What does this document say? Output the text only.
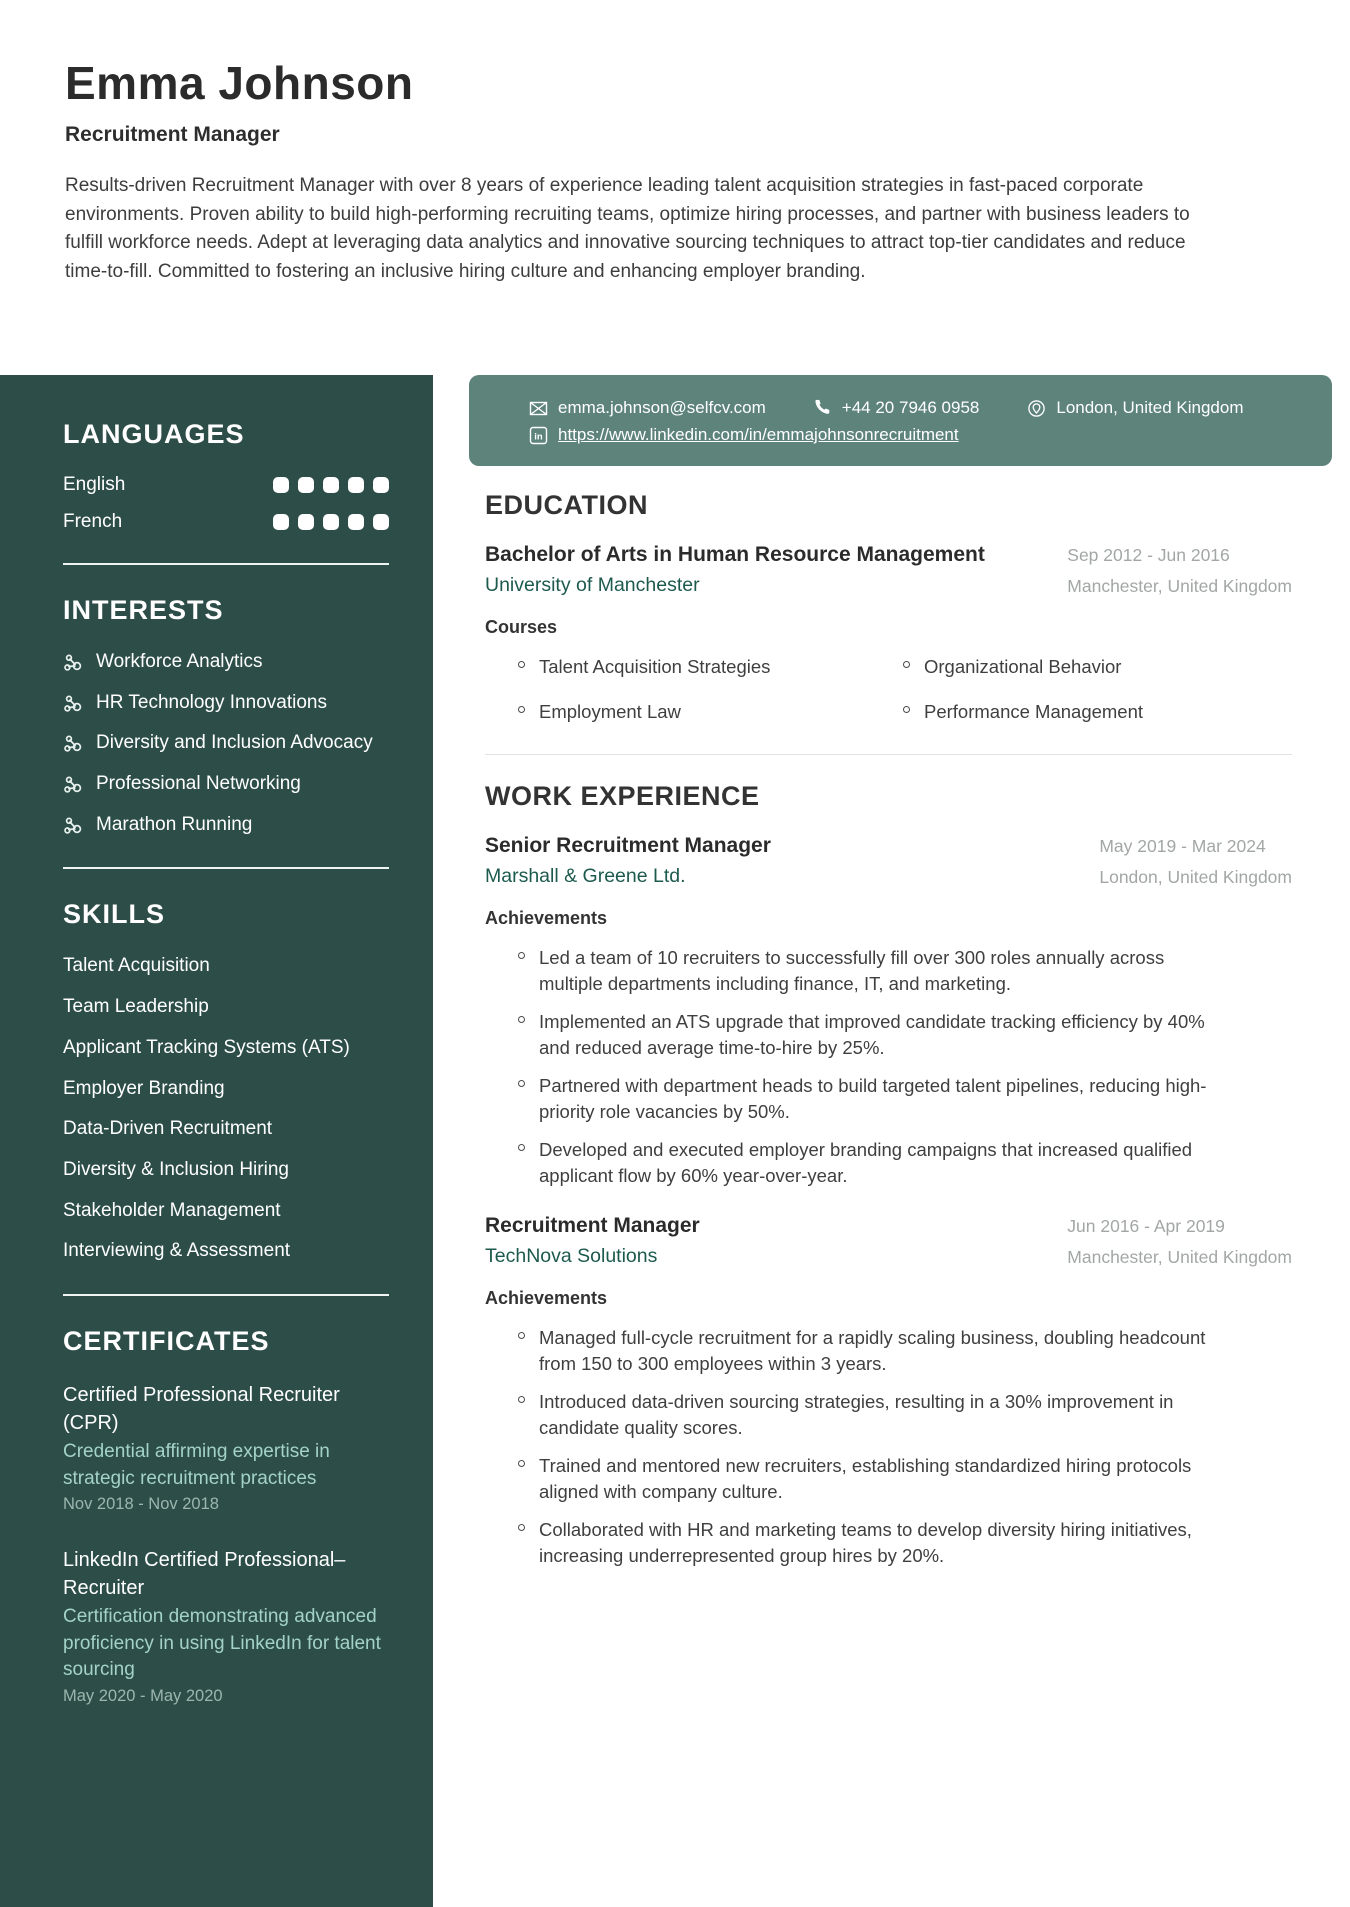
Emma Johnson
Recruitment Manager

Results-driven Recruitment Manager with over 8 years of experience leading talent acquisition strategies in fast-paced corporate environments. Proven ability to build high-performing recruiting teams, optimize hiring processes, and partner with business leaders to fulfill workforce needs. Adept at leveraging data analytics and innovative sourcing techniques to attract top-tier candidates and reduce time-to-fill. Committed to fostering an inclusive hiring culture and enhancing employer branding.

LANGUAGES
English
French
INTERESTS
Workforce Analytics
HR Technology Innovations
Diversity and Inclusion Advocacy
Professional Networking
Marathon Running
SKILLS
Talent Acquisition
Team Leadership
Applicant Tracking Systems (ATS)
Employer Branding
Data-Driven Recruitment
Diversity & Inclusion Hiring
Stakeholder Management
Interviewing & Assessment
CERTIFICATES
Certified Professional Recruiter (CPR)
Credential affirming expertise in strategic recruitment practices
Nov 2018 - Nov 2018
LinkedIn Certified Professional–Recruiter
Certification demonstrating advanced proficiency in using LinkedIn for talent sourcing
May 2020 - May 2020
emma.johnson@selfcv.com	+44 20 7946 0958	London, United Kingdom
in https://www.linkedin.com/in/emmajohnsonrecruitment
EDUCATION
Bachelor of Arts in Human Resource Management
University of Manchester
Sep 2012 - Jun 2016
Manchester, United Kingdom
Courses
Talent Acquisition Strategies	Organizational Behavior
Employment Law	Performance Management
WORK EXPERIENCE
Senior Recruitment Manager
Marshall & Greene Ltd.
May 2019 - Mar 2024
London, United Kingdom
Achievements
Led a team of 10 recruiters to successfully fill over 300 roles annually across multiple departments including finance, IT, and marketing.
Implemented an ATS upgrade that improved candidate tracking efficiency by 40% and reduced average time-to-hire by 25%.
Partnered with department heads to build targeted talent pipelines, reducing high-priority role vacancies by 50%.
Developed and executed employer branding campaigns that increased qualified applicant flow by 60% year-over-year.
Recruitment Manager
TechNova Solutions
Jun 2016 - Apr 2019
Manchester, United Kingdom
Achievements
Managed full-cycle recruitment for a rapidly scaling business, doubling headcount from 150 to 300 employees within 3 years.
Introduced data-driven sourcing strategies, resulting in a 30% improvement in candidate quality scores.
Trained and mentored new recruiters, establishing standardized hiring protocols aligned with company culture.
Collaborated with HR and marketing teams to develop diversity hiring initiatives, increasing underrepresented group hires by 20%.
